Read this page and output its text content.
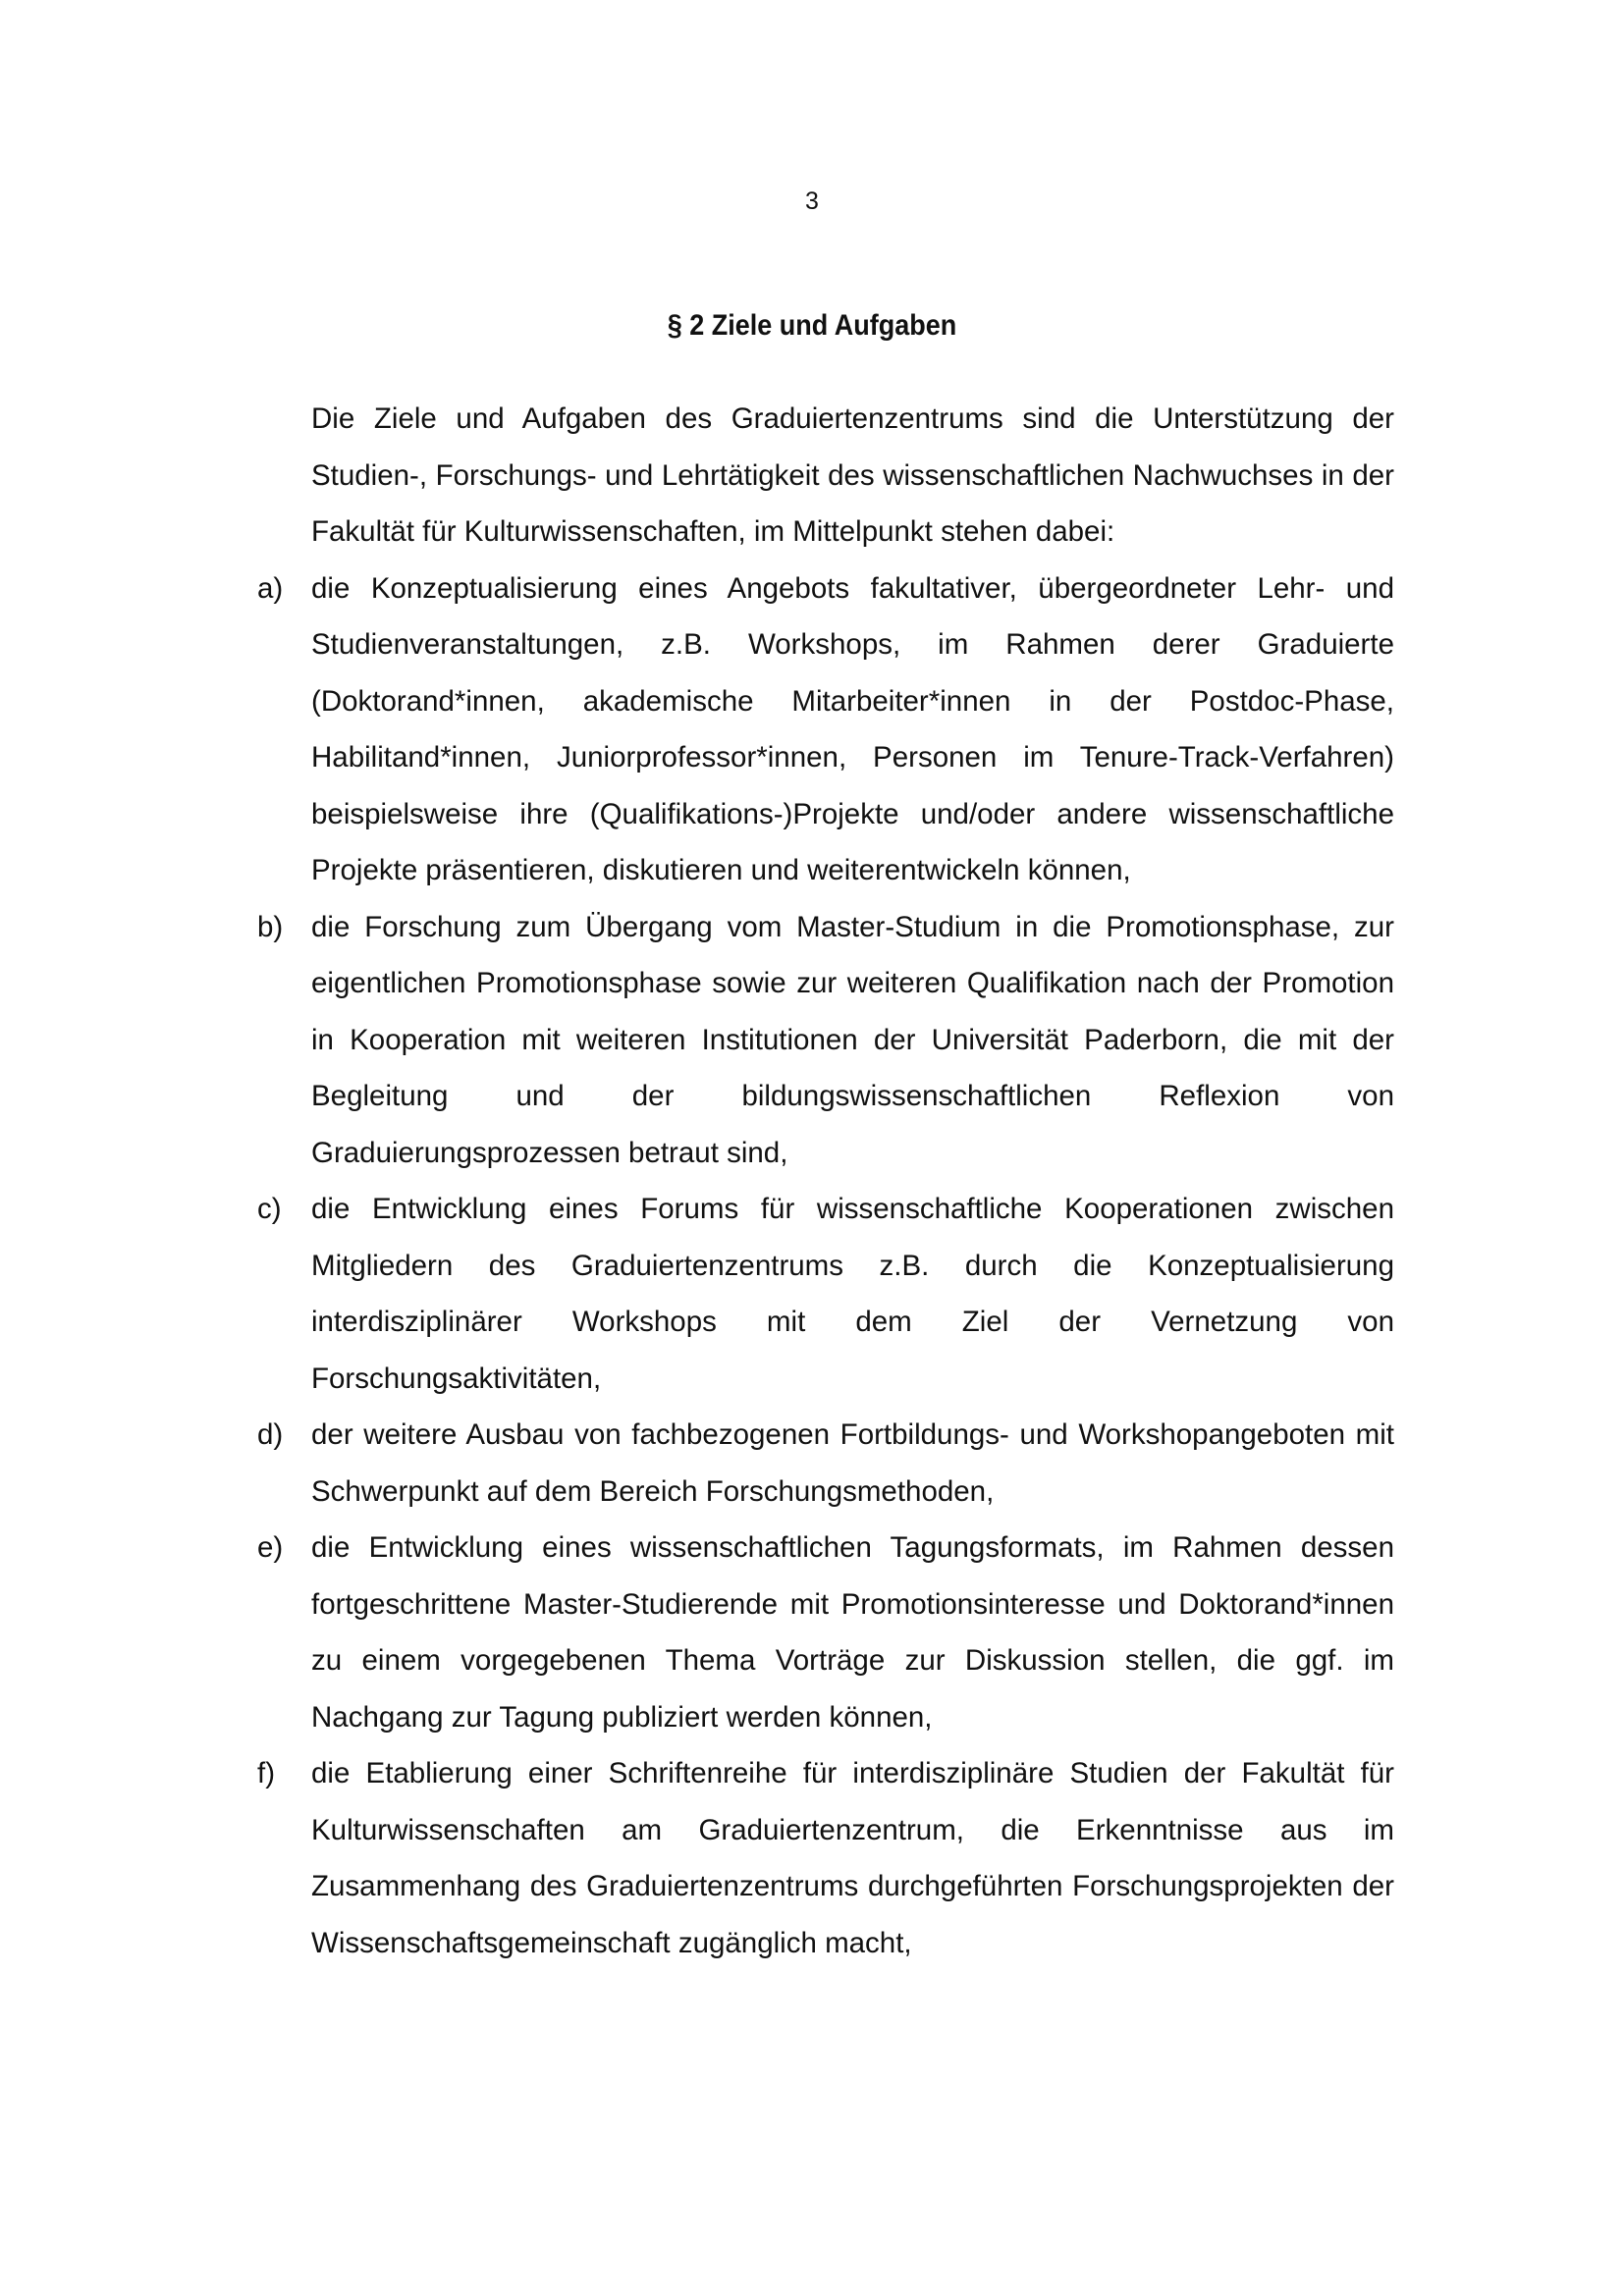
3
§ 2 Ziele und Aufgaben

Die Ziele und Aufgaben des Graduiertenzentrums sind die Unterstützung der Studien-, Forschungs- und Lehrtätigkeit des wissenschaftlichen Nachwuchses in der Fakultät für Kulturwissenschaften, im Mittelpunkt stehen dabei:

a) die Konzeptualisierung eines Angebots fakultativer, übergeordneter Lehr- und Studienveranstaltungen, z.B. Workshops, im Rahmen derer Graduierte (Doktorand*innen, akademische Mitarbeiter*innen in der Postdoc-Phase, Habilitand*innen, Juniorprofessor*innen, Personen im Tenure-Track-Verfahren) beispielsweise ihre (Qualifikations-)Projekte und/oder andere wissenschaftliche Projekte präsentieren, diskutieren und weiterentwickeln können,
b) die Forschung zum Übergang vom Master-Studium in die Promotionsphase, zur eigentlichen Promotionsphase sowie zur weiteren Qualifikation nach der Promotion in Kooperation mit weiteren Institutionen der Universität Paderborn, die mit der Begleitung und der bildungswissenschaftlichen Reflexion von Graduierungsprozessen betraut sind,
c) die Entwicklung eines Forums für wissenschaftliche Kooperationen zwischen Mitgliedern des Graduiertenzentrums z.B. durch die Konzeptualisierung interdisziplinärer Workshops mit dem Ziel der Vernetzung von Forschungsaktivitäten,
d) der weitere Ausbau von fachbezogenen Fortbildungs- und Workshopangeboten mit Schwerpunkt auf dem Bereich Forschungsmethoden,
e) die Entwicklung eines wissenschaftlichen Tagungsformats, im Rahmen dessen fortgeschrittene Master-Studierende mit Promotionsinteresse und Doktorand*innen zu einem vorgegebenen Thema Vorträge zur Diskussion stellen, die ggf. im Nachgang zur Tagung publiziert werden können,
f) die Etablierung einer Schriftenreihe für interdisziplinäre Studien der Fakultät für Kulturwissenschaften am Graduiertenzentrum, die Erkenntnisse aus im Zusammenhang des Graduiertenzentrums durchgeführten Forschungsprojekten der Wissenschaftsgemeinschaft zugänglich macht,
